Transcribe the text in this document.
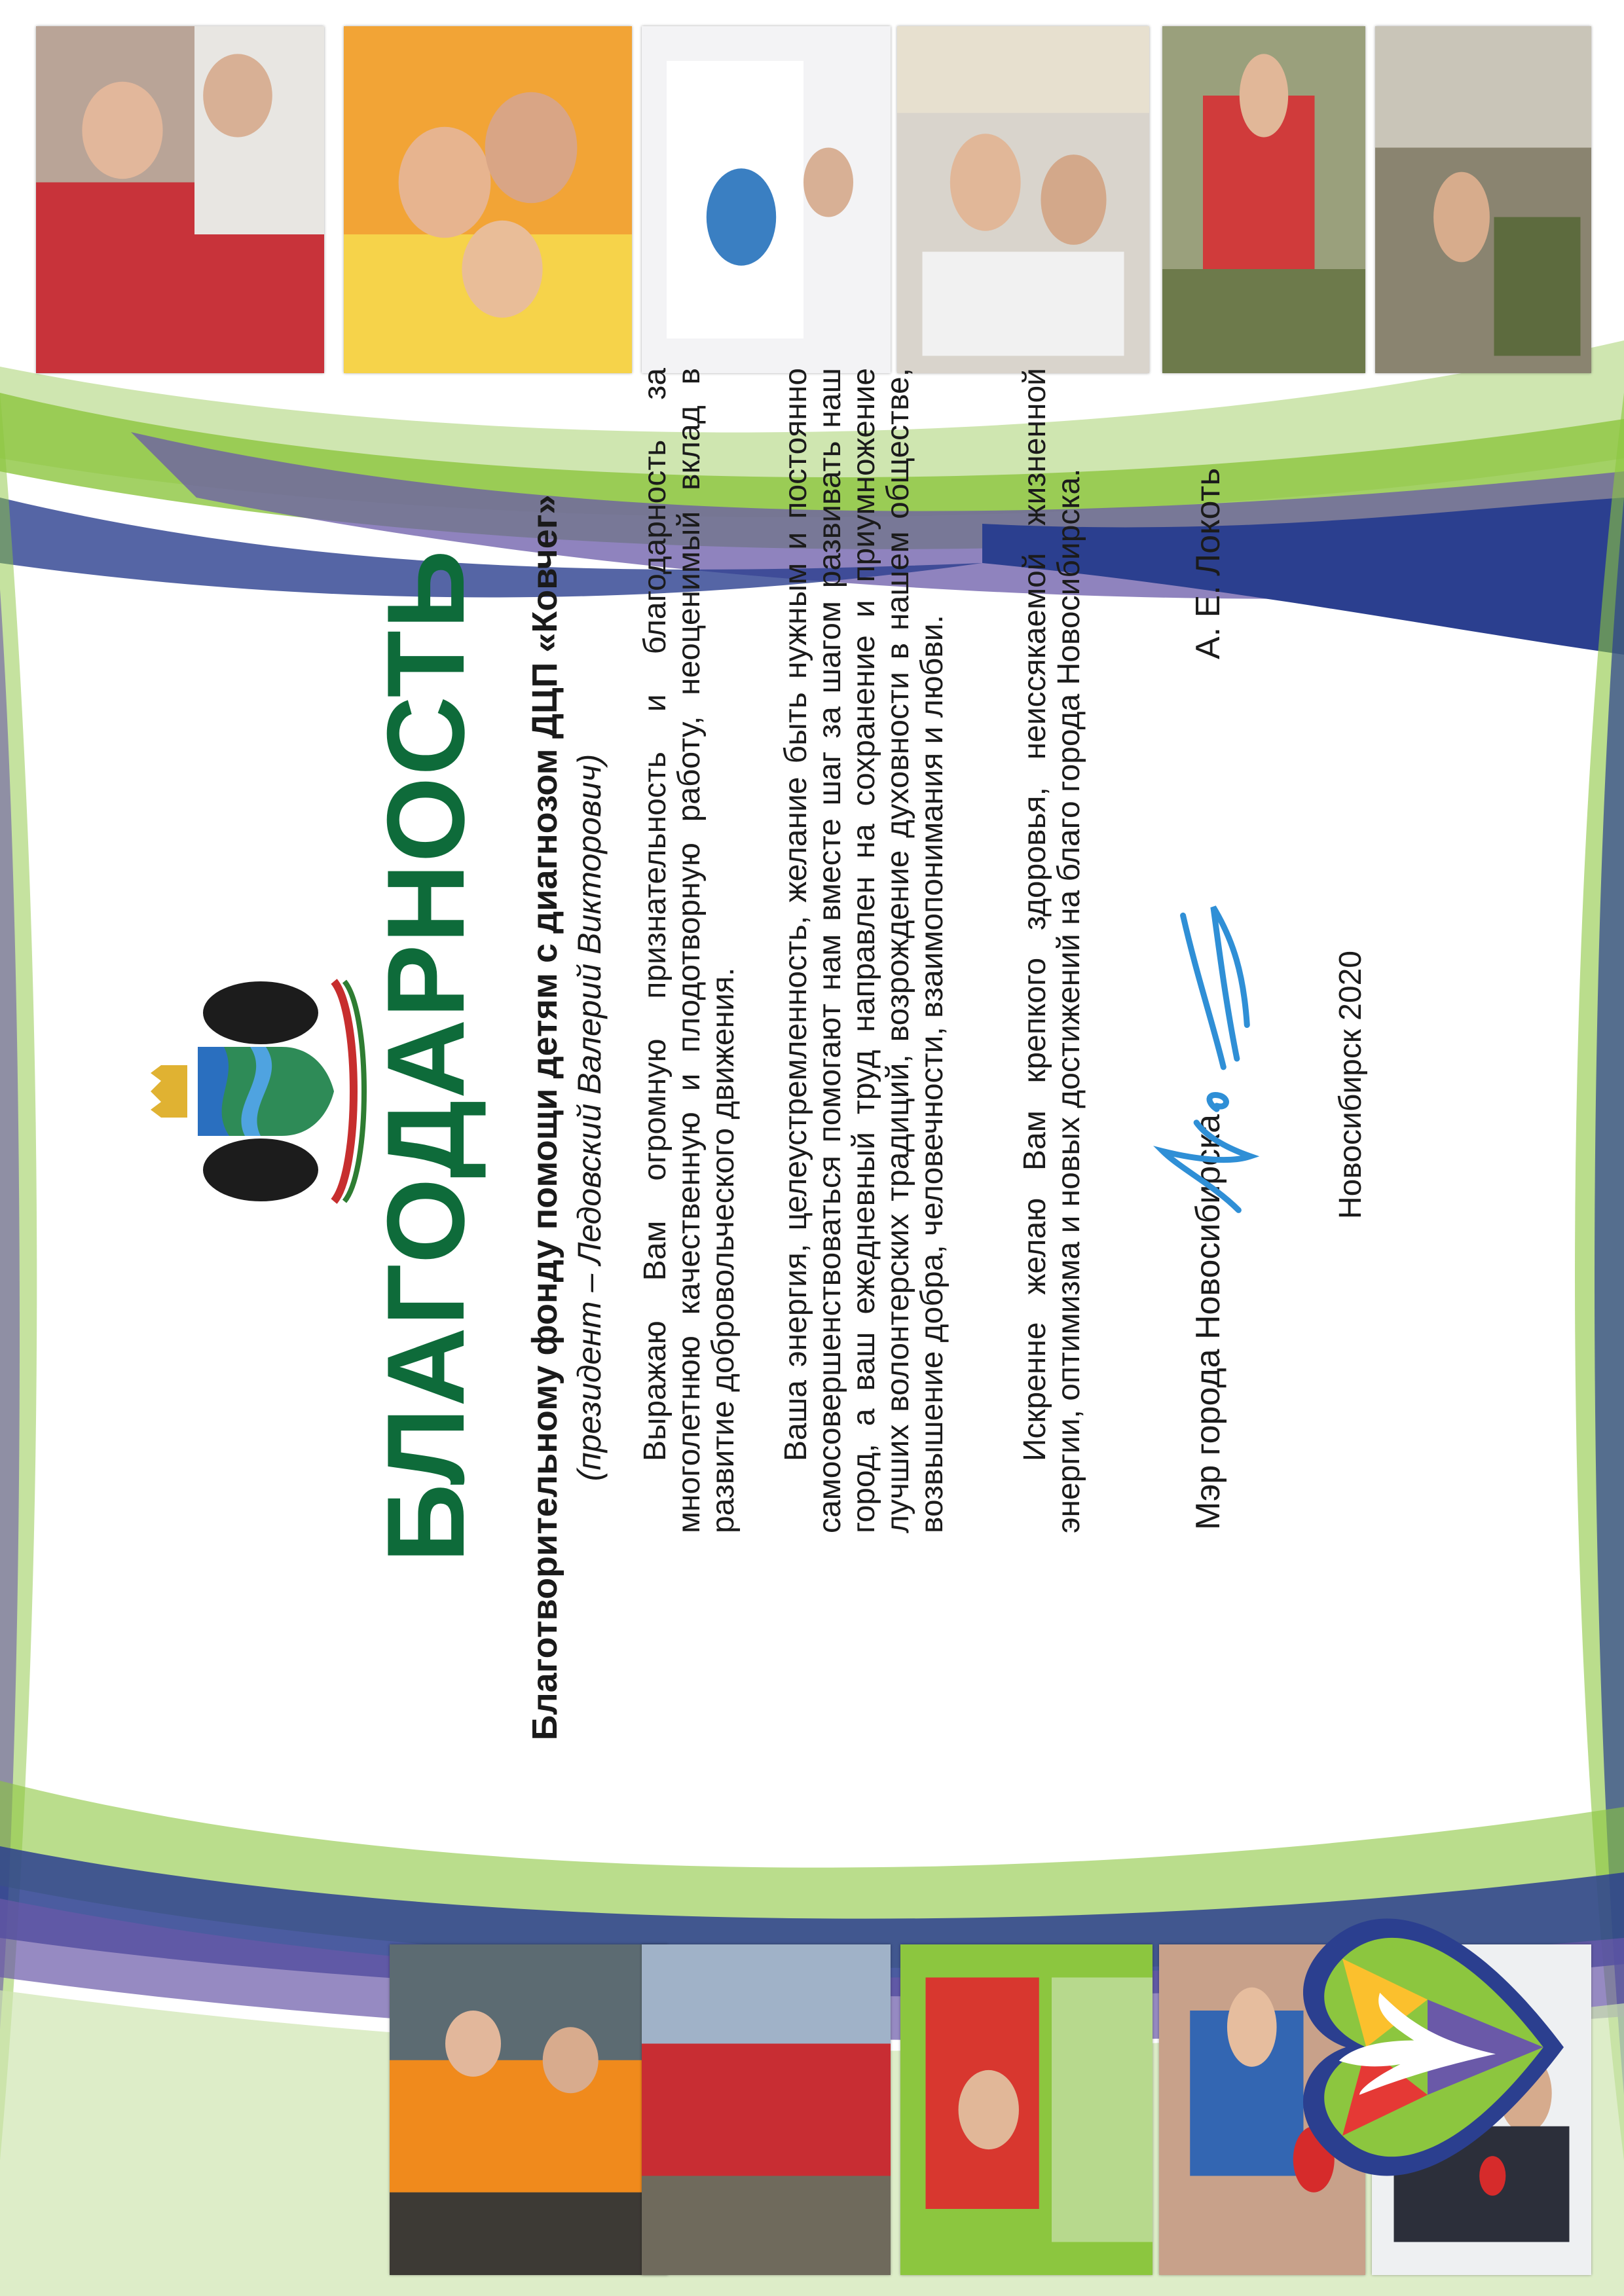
БЛАГОДАРНОСТЬ Благотворительному фонду помощи детям с диагнозом ДЦП «Ковчег» (президент – Ледовский Валерий Викторович) Выражаю Вам огромную признательность и благодарность за многолетнюю качественную и плодотворную работу, неоценимый вклад в развитие добровольческого движения. Ваша энергия, целеустремленность, желание быть нужным и постоянно самосовершенствоваться помогают нам вместе шаг за шагом развивать наш город, а ваш ежедневный труд направлен на сохранение и приумножение лучших волонтерских традиций, возрождение духовности в нашем обществе, возвышение добра, человечности, взаимопонимания и любви. Искренне желаю Вам крепкого здоровья, неиссякаемой жизненной энергии, оптимизма и новых достижений на благо города Новосибирска.	Мэр города Новосибирска
А. Е. Локоть
Новосибирск 2020
